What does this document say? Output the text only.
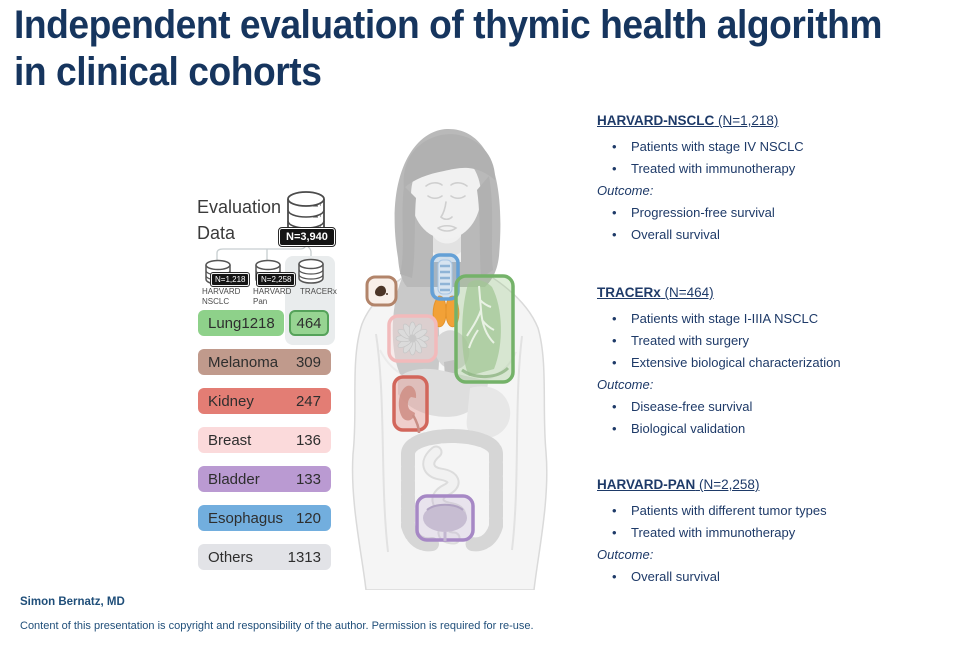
Independent evaluation of thymic health algorithm
in clinical cohorts
Evaluation
Data	N=3,940
N=1,218
HARVARD
NSCLC
N=2,258
HARVARD
Pan
TRACERx
Lung 1218 464
Melanoma 309
Kidney	247
Breast	136
Bladder 133
Esophagus 120
Others 1313
HARVARD-NSCLC (N=1,218)
• Patients with stage IV NSCLC
• Treated with immunotherapy
Outcome:
• Progression-free survival
• Overall survival
TRACERx (N=464)
• Patients with stage I-IIIA NSCLC
• Treated with surgery
• Extensive biological characterization
Outcome:
• Disease-free survival
• Biological validation
HARVARD-PAN (N=2,258)
• Patients with different tumor types
• Treated with immunotherapy
Outcome:
• Overall survival
Simon Bernatz, MD
Content of this presentation is copyright and responsibility of the author. Permission is required for re-use.
